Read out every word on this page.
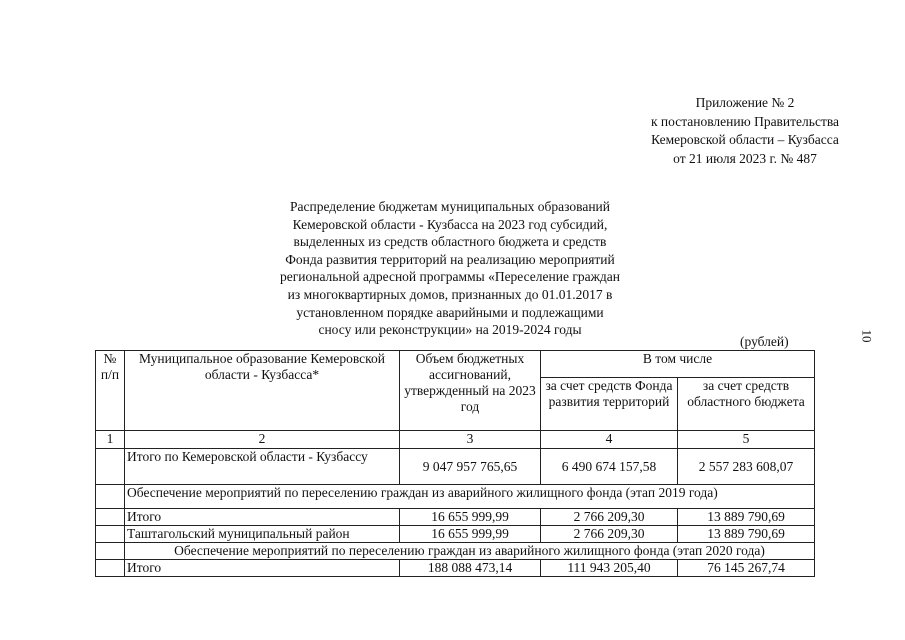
Приложение № 2
к постановлению Правительства
Кемеровской области – Кузбасса
от 21 июля 2023 г. № 487
Распределение бюджетам муниципальных образований
Кемеровской области - Кузбасса на 2023 год субсидий,
выделенных из средств областного бюджета и средств
Фонда развития территорий на реализацию мероприятий
региональной адресной программы «Переселение граждан
из многоквартирных домов, признанных до 01.01.2017 в
установленном порядке аварийными и подлежащими
сносу или реконструкции» на 2019-2024 годы
(рублей)	10
№ п/п	Муниципальное образование Кемеровской области - Кузбасса*	Объем бюджетных ассигнований, утвержденный на 2023 год	В том числе	
			за счет средств Фонда развития территорий	за счет средств областного бюджета
1	2	3	4	5
	Итого по Кемеровской области - Кузбассу	9 047 957 765,65	6 490 674 157,58	2 557 283 608,07
	Обеспечение мероприятий по переселению граждан из аварийного жилищного фонда (этап 2019 года)			
	Итого	16 655 999,99	2 766 209,30	13 889 790,69
	Таштагольский муниципальный район	16 655 999,99	2 766 209,30	13 889 790,69
	Обеспечение мероприятий по переселению граждан из аварийного жилищного фонда (этап 2020 года)			
	Итого	188 088 473,14	111 943 205,40	76 145 267,74
